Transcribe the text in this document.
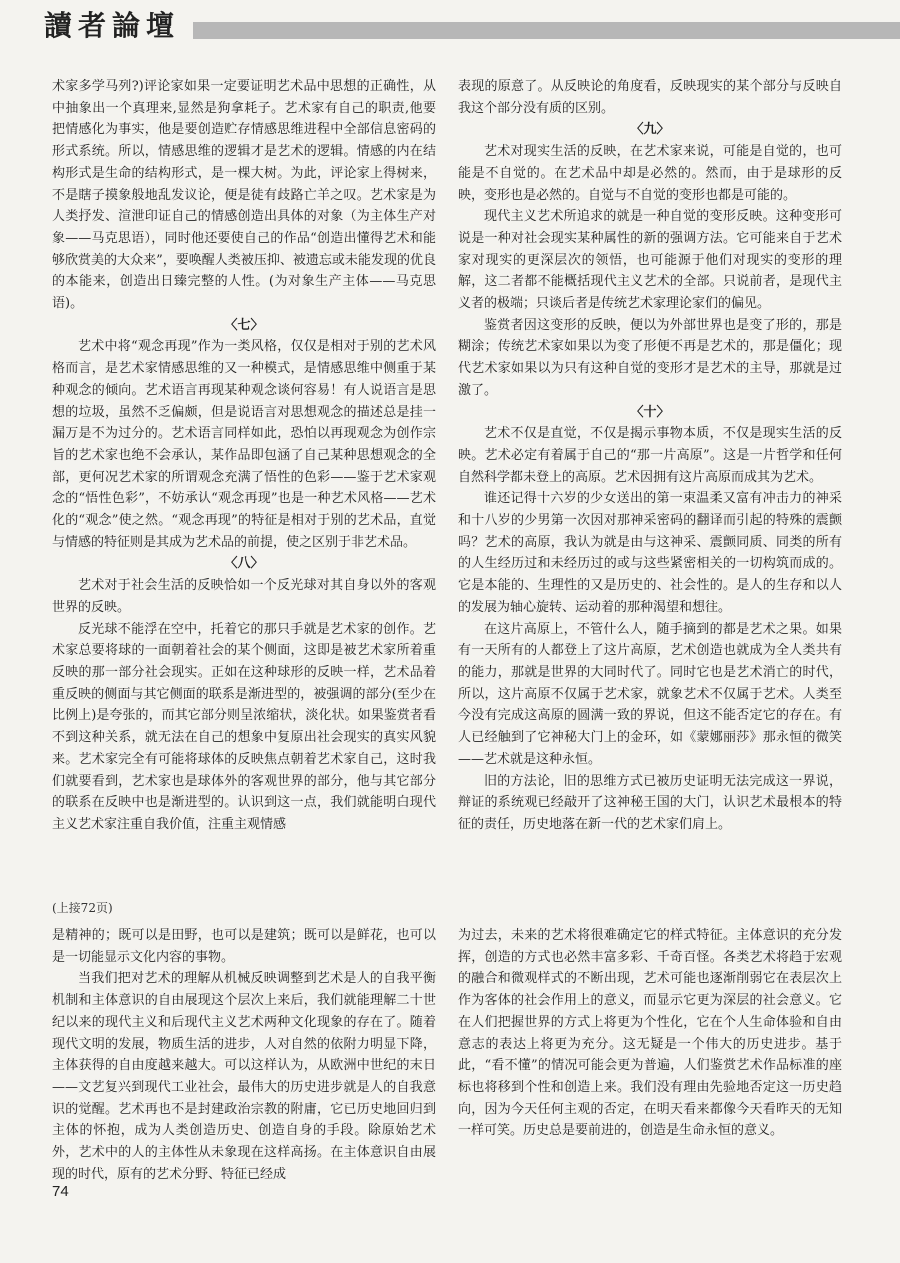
讀者論壇

术家多学马列?)评论家如果一定要证明艺术品中思想的正确性，从中抽象出一个真理来,显然是狗拿耗子。艺术家有自己的职责,他要把情感化为事实，他是要创造贮存情感思维进程中全部信息密码的形式系统。所以，情感思维的逻辑才是艺术的逻辑。情感的内在结构形式是生命的结构形式，是一棵大树。为此，评论家上得树来，不是瞎子摸象般地乱发议论，便是徒有歧路亡羊之叹。艺术家是为人类抒发、渲泄印证自己的情感创造出具体的对象（为主体生产对象——马克思语），同时他还要使自己的作品“创造出懂得艺术和能够欣赏美的大众来”，要唤醒人类被压抑、被遗忘或未能发现的优良的本能来，创造出日臻完整的人性。(为对象生产主体——马克思语)。

〈七〉

艺术中将“观念再现”作为一类风格，仅仅是相对于别的艺术风格而言，是艺术家情感思维的又一种模式，是情感思维中侧重于某种观念的倾向。艺术语言再现某种观念谈何容易！有人说语言是思想的垃圾，虽然不乏偏颇，但是说语言对思想观念的描述总是挂一漏万是不为过分的。艺术语言同样如此，恐怕以再现观念为创作宗旨的艺术家也绝不会承认，某作品即包涵了自己某种思想观念的全部，更何况艺术家的所谓观念充满了悟性的色彩——鉴于艺术家观念的“悟性色彩”，不妨承认“观念再现”也是一种艺术风格——艺术化的“观念”使之然。“观念再现”的特征是相对于别的艺术品，直觉与情感的特征则是其成为艺术品的前提，使之区别于非艺术品。

〈八〉

艺术对于社会生活的反映恰如一个反光球对其自身以外的客观世界的反映。

反光球不能浮在空中，托着它的那只手就是艺术家的创作。艺术家总要将球的一面朝着社会的某个侧面，这即是被艺术家所着重反映的那一部分社会现实。正如在这种球形的反映一样，艺术品着重反映的侧面与其它侧面的联系是渐进型的，被强调的部分(至少在比例上)是夸张的，而其它部分则呈浓缩状，淡化状。如果鉴赏者看不到这种关系，就无法在自己的想象中复原出社会现实的真实风貌来。艺术家完全有可能将球体的反映焦点朝着艺术家自己，这时我们就要看到，艺术家也是球体外的客观世界的部分，他与其它部分的联系在反映中也是渐进型的。认识到这一点，我们就能明白现代主义艺术家注重自我价值，注重主观情感

表现的原意了。从反映论的角度看，反映现实的某个部分与反映自我这个部分没有质的区别。

〈九〉

艺术对现实生活的反映，在艺术家来说，可能是自觉的，也可能是不自觉的。在艺术品中却是必然的。然而，由于是球形的反映，变形也是必然的。自觉与不自觉的变形也都是可能的。

现代主义艺术所追求的就是一种自觉的变形反映。这种变形可说是一种对社会现实某种属性的新的强调方法。它可能来自于艺术家对现实的更深层次的领悟，也可能源于他们对现实的变形的理解，这二者都不能概括现代主义艺术的全部。只说前者，是现代主义者的极端；只谈后者是传统艺术家理论家们的偏见。

鉴赏者因这变形的反映，便以为外部世界也是变了形的，那是糊涂；传统艺术家如果以为变了形便不再是艺术的，那是僵化；现代艺术家如果以为只有这种自觉的变形才是艺术的主导，那就是过激了。

〈十〉

艺术不仅是直觉，不仅是揭示事物本质，不仅是现实生活的反映。艺术必定有着属于自己的“那一片高原”。这是一片哲学和任何自然科学都未登上的高原。艺术因拥有这片高原而成其为艺术。

谁还记得十六岁的少女送出的第一束温柔又富有冲击力的神采和十八岁的少男第一次因对那神采密码的翻译而引起的特殊的震颤吗？艺术的高原，我认为就是由与这神采、震颤同质、同类的所有的人生经历过和未经历过的或与这些紧密相关的一切构筑而成的。它是本能的、生理性的又是历史的、社会性的。是人的生存和以人的发展为轴心旋转、运动着的那种渴望和想往。

在这片高原上，不管什么人，随手摘到的都是艺术之果。如果有一天所有的人都登上了这片高原，艺术创造也就成为全人类共有的能力，那就是世界的大同时代了。同时它也是艺术消亡的时代，所以，这片高原不仅属于艺术家，就象艺术不仅属于艺术。人类至今没有完成这高原的圆满一致的界说，但这不能否定它的存在。有人已经触到了它神秘大门上的金环，如《蒙娜丽莎》那永恒的微笑——艺术就是这种永恒。

旧的方法论，旧的思维方式已被历史证明无法完成这一界说，辩证的系统观已经敲开了这神秘王国的大门，认识艺术最根本的特征的责任，历史地落在新一代的艺术家们肩上。

(上接72页)

是精神的；既可以是田野，也可以是建筑；既可以是鲜花，也可以是一切能显示文化内容的事物。

当我们把对艺术的理解从机械反映调整到艺术是人的自我平衡机制和主体意识的自由展现这个层次上来后，我们就能理解二十世纪以来的现代主义和后现代主义艺术两种文化现象的存在了。随着现代文明的发展，物质生活的进步，人对自然的依附力明显下降，主体获得的自由度越来越大。可以这样认为，从欧洲中世纪的末日——文艺复兴到现代工业社会，最伟大的历史进步就是人的自我意识的觉醒。艺术再也不是封建政治宗教的附庸，它已历史地回归到主体的怀抱，成为人类创造历史、创造自身的手段。除原始艺术外，艺术中的人的主体性从未象现在这样高扬。在主体意识自由展现的时代，原有的艺术分野、特征已经成

为过去，未来的艺术将很难确定它的样式特征。主体意识的充分发挥，创造的方式也必然丰富多彩、千奇百怪。各类艺术将趋于宏观的融合和微观样式的不断出现，艺术可能也逐渐削弱它在表层次上作为客体的社会作用上的意义，而显示它更为深层的社会意义。它在人们把握世界的方式上将更为个性化，它在个人生命体验和自由意志的表达上将更为充分。这无疑是一个伟大的历史进步。基于此，“看不懂”的情况可能会更为普遍，人们鉴赏艺术作品标准的座标也将移到个性和创造上来。我们没有理由先验地否定这一历史趋向，因为今天任何主观的否定，在明天看来都像今天看昨天的无知一样可笑。历史总是要前进的，创造是生命永恒的意义。

74
